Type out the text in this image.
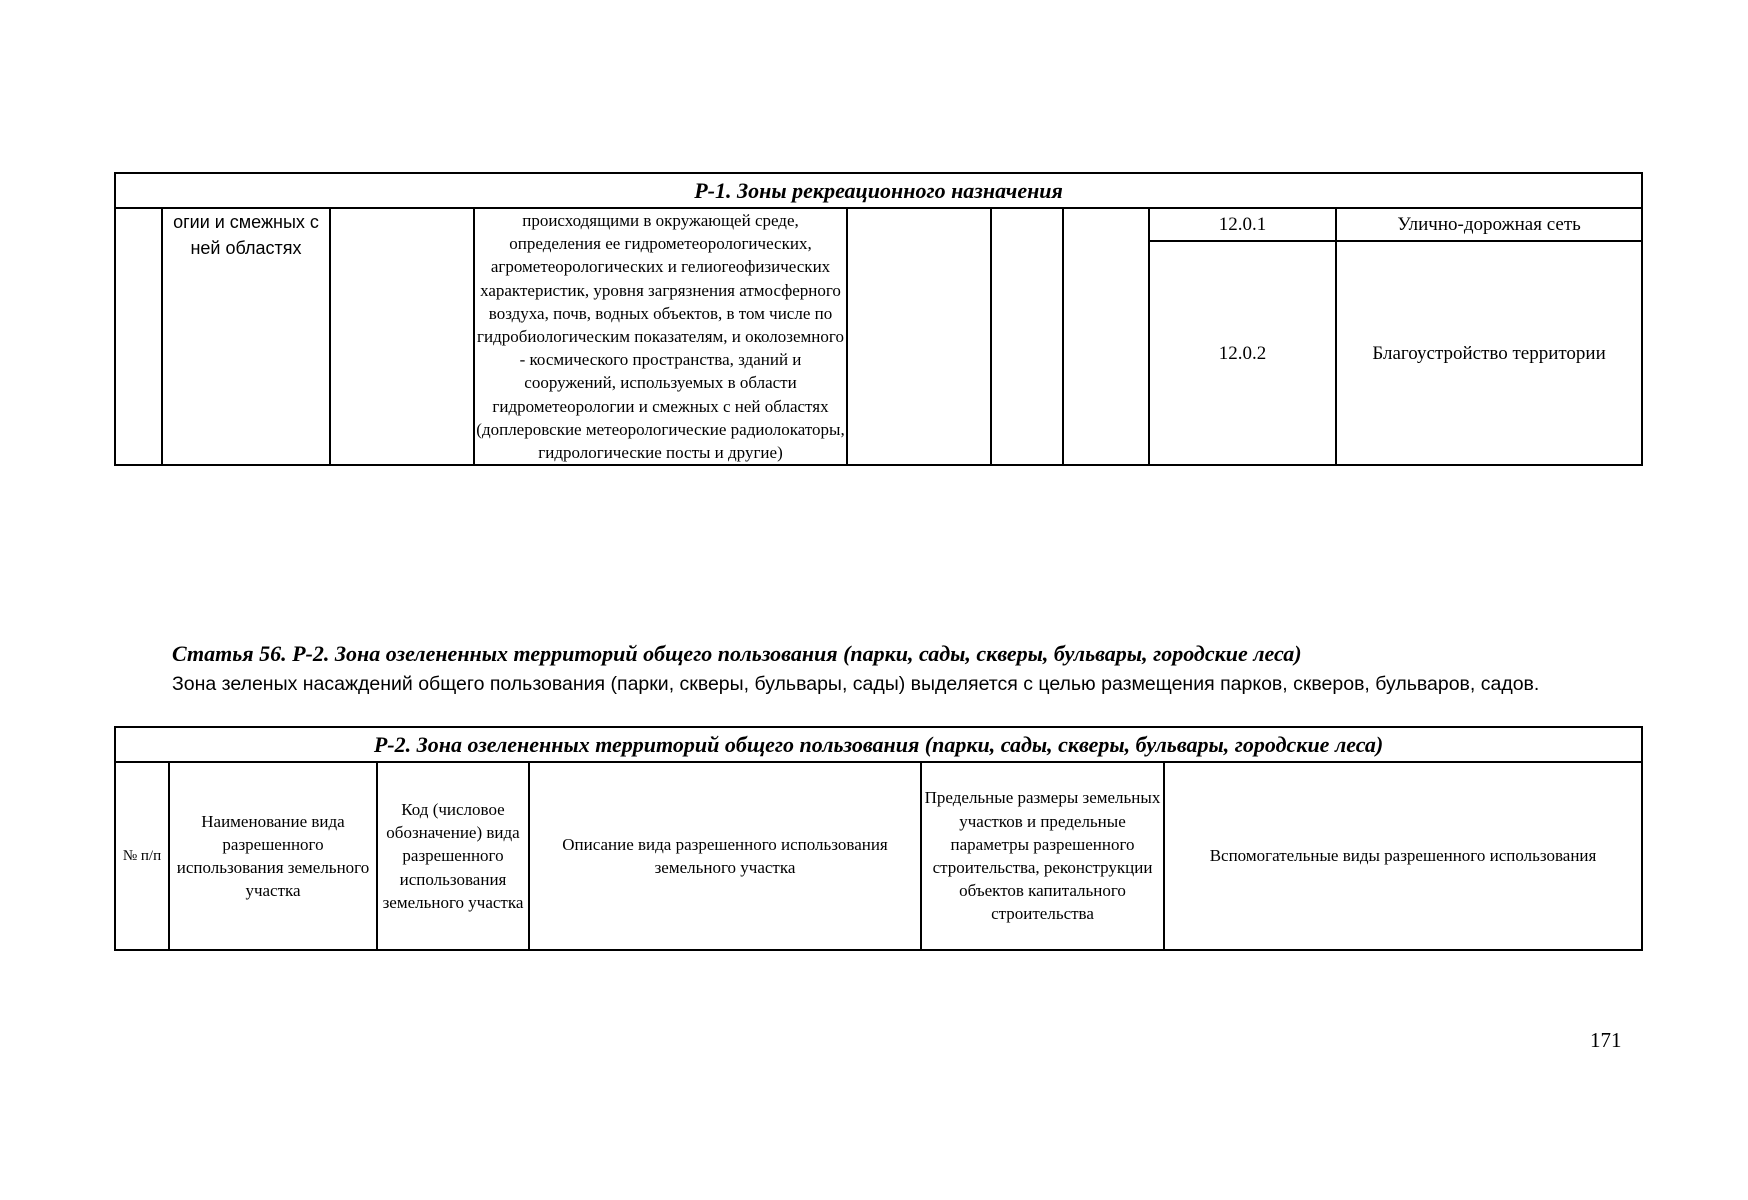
Р-1. Зоны рекреационного назначения								
	огии и смежных с ней областях		происходящими в окружающей среде, определения ее гидрометеорологических, агрометеорологических и гелиогеофизических характеристик, уровня загрязнения атмосферного воздуха, почв, водных объектов, в том числе по гидробиологическим показателям, и околоземного - космического пространства, зданий и сооружений, используемых в области гидрометеорологии и смежных с ней областях (доплеровские метеорологические радиолокаторы, гидрологические посты и другие)				12.0.1	Улично-дорожная сеть
							12.0.2	Благоустройство территории
Статья 56. Р-2. Зона озелененных территорий общего пользования (парки, сады, скверы, бульвары, городские леса)
Зона зеленых насаждений общего пользования (парки, скверы, бульвары, сады) выделяется с целью размещения парков, скверов, бульваров, садов.
Р-2. Зона озелененных территорий общего пользования (парки, сады, скверы, бульвары, городские леса)
№ п/п	Наименование вида разрешенного использования земельного участка	Код (числовое обозначение) вида разрешенного использования земельного участка	Описание вида разрешенного использования земельного участка	Предельные размеры земельных участков и предельные параметры разрешенного строительства, реконструкции объектов капитального строительства	Вспомогательные виды разрешенного использования
171
